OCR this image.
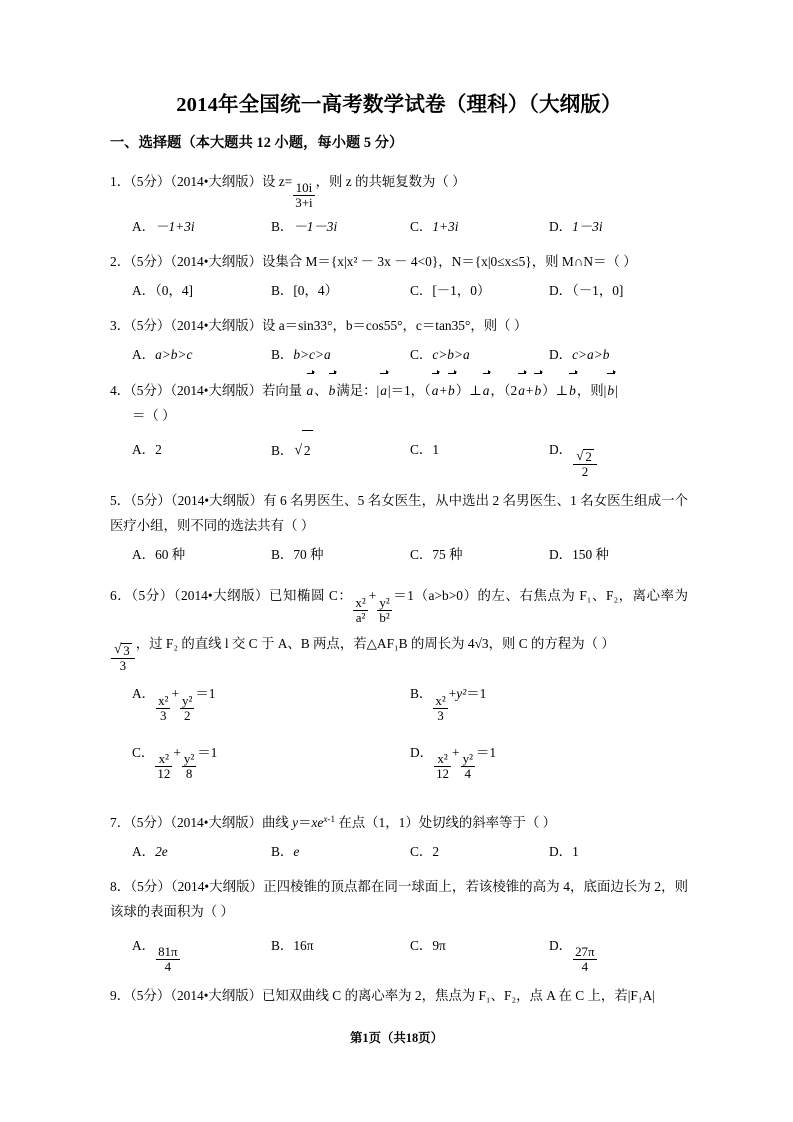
2014年全国统一高考数学试卷（理科）（大纲版）
一、选择题（本大题共 12 小题，每小题 5 分）
1．（5分）（2014•大纲版）设 z=
$\frac{10i}{3+i}$
，则 z 的共轭复数为（ ）
A．－1+3i	B．－1－3i	C．1+3i	D．1－3i
2．（5分）（2014•大纲版）设集合 M＝{x|x² － 3x － 4<0}，N＝{x|0≤x≤5}，则 M∩N＝（ ）
A．（0，4]	B．[0，4）	C．[－1，0）	D．（－1，0]
3．（5分）（2014•大纲版）设 a＝sin33°，b＝cos55°，c＝tan35°，则（ ）
A．a>b>c	B．b>c>a	C．c>b>a	D．c>a>b
4．（5分）（2014•大纲版）若向量 a、b满足：|a|＝1，（a+b）⊥a，（2a+b）⊥b，则|b|
＝（ ）
A．2	B． √ 2	C．1	D． √ $\frac{2}{2}$
5．（5分）（2014•大纲版）有 6 名男医生、5 名女医生，从中选出 2 名男医生、1 名女医生组成一个医疗小组，则不同的选法共有（ ）
A．60 种	B．70 种	C．75 种	D．150 种
6．（5分）（2014•大纲版）已知椭圆 C：
$\frac{\text{x²}}{\text{a²}}$
+
$\frac{\text{y²}}{\text{b²}}$
＝1（a>b>0）的左、右焦点为 F₁、F₂，离心率为
√ $\frac{3}{3}$ ，过 F₂ 的直线 l 交 C 于 A、B 两点，若△AF₁B 的周长为 4√3，则 C 的方程为（ ）
A．
$\frac{\text{x²}}{3}$
+
$\frac{\text{y²}}{2}$
＝1	B．
$\frac{\text{x²}}{3}$
+y²＝1
C．
$\frac{\text{x²}}{12}$
+
$\frac{\text{y²}}{8}$
＝1	D．
$\frac{\text{x²}}{12}$
+
$\frac{\text{y²}}{4}$
＝1
7．（5分）（2014•大纲版）曲线 $y=xe^{x-1}$ 在点（1，1）处切线的斜率等于（ ）
A．2e	B．e	C．2	D．1
8．（5分）（2014•大纲版）正四棱锥的顶点都在同一球面上，若该棱锥的高为 4，底面边长为 2，则该球的表面积为（ ）
A．
$\frac{81\pi}{4}$
B．16π	C．9π	D．
$\frac{27\pi}{4}$
9．（5分）（2014•大纲版）已知双曲线 C 的离心率为 2，焦点为 F₁、F₂，点 A 在 C 上，若|F₁A|
第1页（共18页）
